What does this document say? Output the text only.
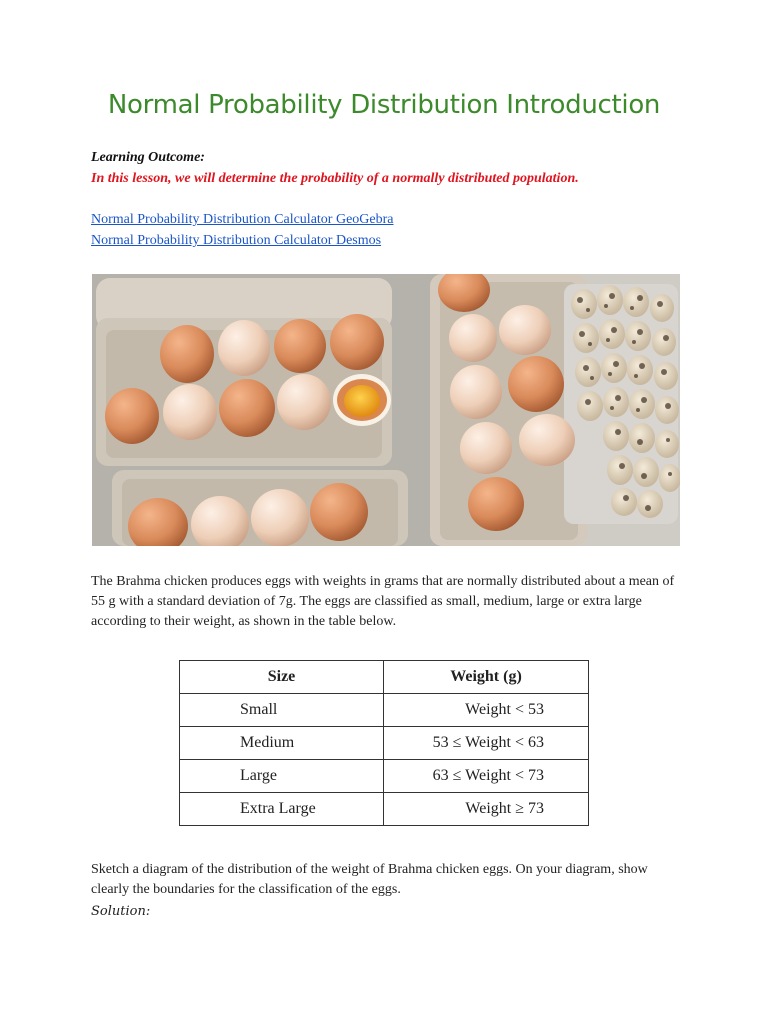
Normal Probability Distribution Introduction
Learning Outcome:
In this lesson, we will determine the probability of a normally distributed population.
Normal Probability Distribution Calculator GeoGebra
Normal Probability Distribution Calculator Desmos
The Brahma chicken produces eggs with weights in grams that are normally distributed about a mean of 55 g with a standard deviation of 7g. The eggs are classified as small, medium, large or extra large according to their weight, as shown in the table below.
Size	Weight (g)
Small	Weight < 53
Medium	53 ≤ Weight < 63
Large	63 ≤ Weight < 73
Extra Large	Weight ≥ 73
Sketch a diagram of the distribution of the weight of Brahma chicken eggs. On your diagram, show clearly the boundaries for the classification of the eggs.
Solution:
